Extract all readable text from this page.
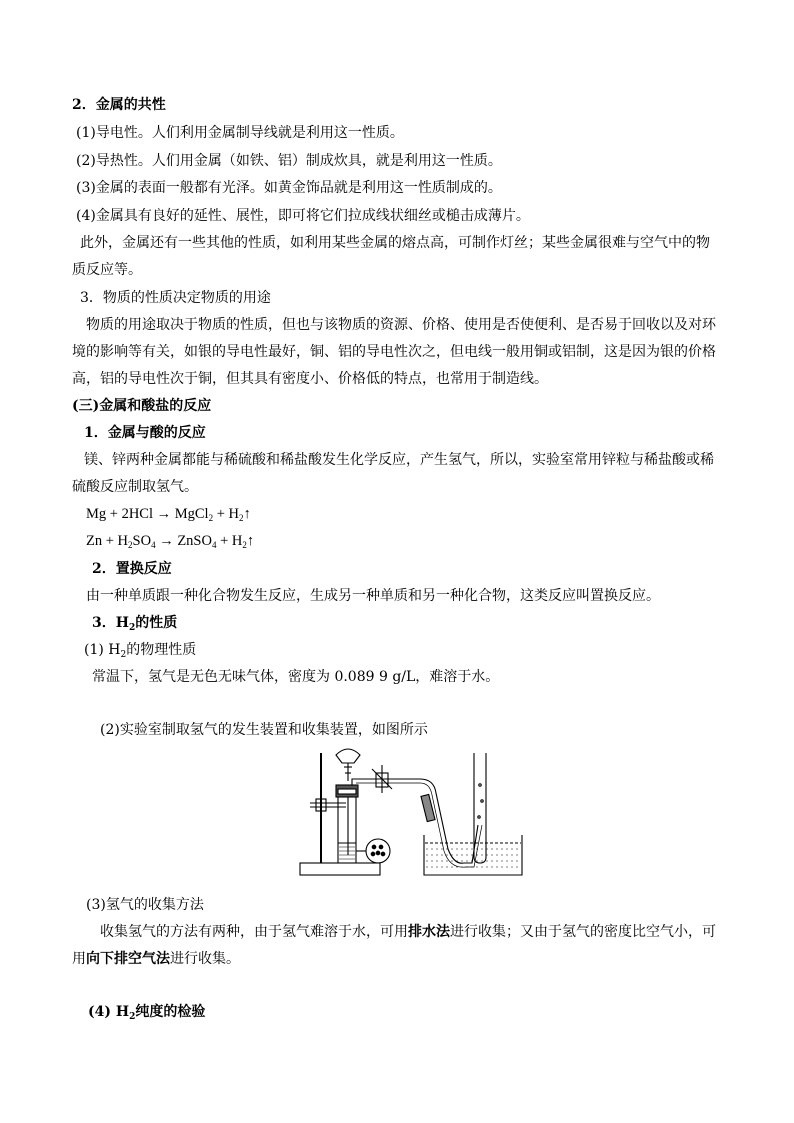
2．金属的共性
(1)导电性。人们利用金属制导线就是利用这一性质。
(2)导热性。人们用金属（如铁、铝）制成炊具，就是利用这一性质。
(3)金属的表面一般都有光泽。如黄金饰品就是利用这一性质制成的。
(4)金属具有良好的延性、展性，即可将它们拉成线状细丝或槌击成薄片。
此外，金属还有一些其他的性质，如利用某些金属的熔点高，可制作灯丝；某些金属很难与空气中的物
质反应等。
3．物质的性质决定物质的用途
物质的用途取决于物质的性质，但也与该物质的资源、价格、使用是否使便利、是否易于回收以及对环
境的影响等有关，如银的导电性最好，铜、铝的导电性次之，但电线一般用铜或铝制，这是因为银的价格
高，铝的导电性次于铜，但其具有密度小、价格低的特点，也常用于制造线。
(三)金属和酸盐的反应
1．金属与酸的反应
镁、锌两种金属都能与稀硫酸和稀盐酸发生化学反应，产生氢气，所以，实验室常用锌粒与稀盐酸或稀
硫酸反应制取氢气。
Mg + 2HCl → MgCl$_2$ + $H_2↑$
$Zn + H_2SO_4$ → ZnSO$_4$ + $H_2↑$
2．置换反应
由一种单质跟一种化合物发生反应，生成另一种单质和另一种化合物，这类反应叫置换反应。
3．$H_2$的性质
(1) $H_2$的物理性质
常温下，氢气是无色无味气体，密度为 0.089 9 g/L，难溶于水。
(2)实验室制取氢气的发生装置和收集装置，如图所示
(3)氢气的收集方法
收集氢气的方法有两种，由于氢气难溶于水，可用排水法进行收集；又由于氢气的密度比空气小，可
用向下排空气法进行收集。
(4) $H_2$纯度的检验
